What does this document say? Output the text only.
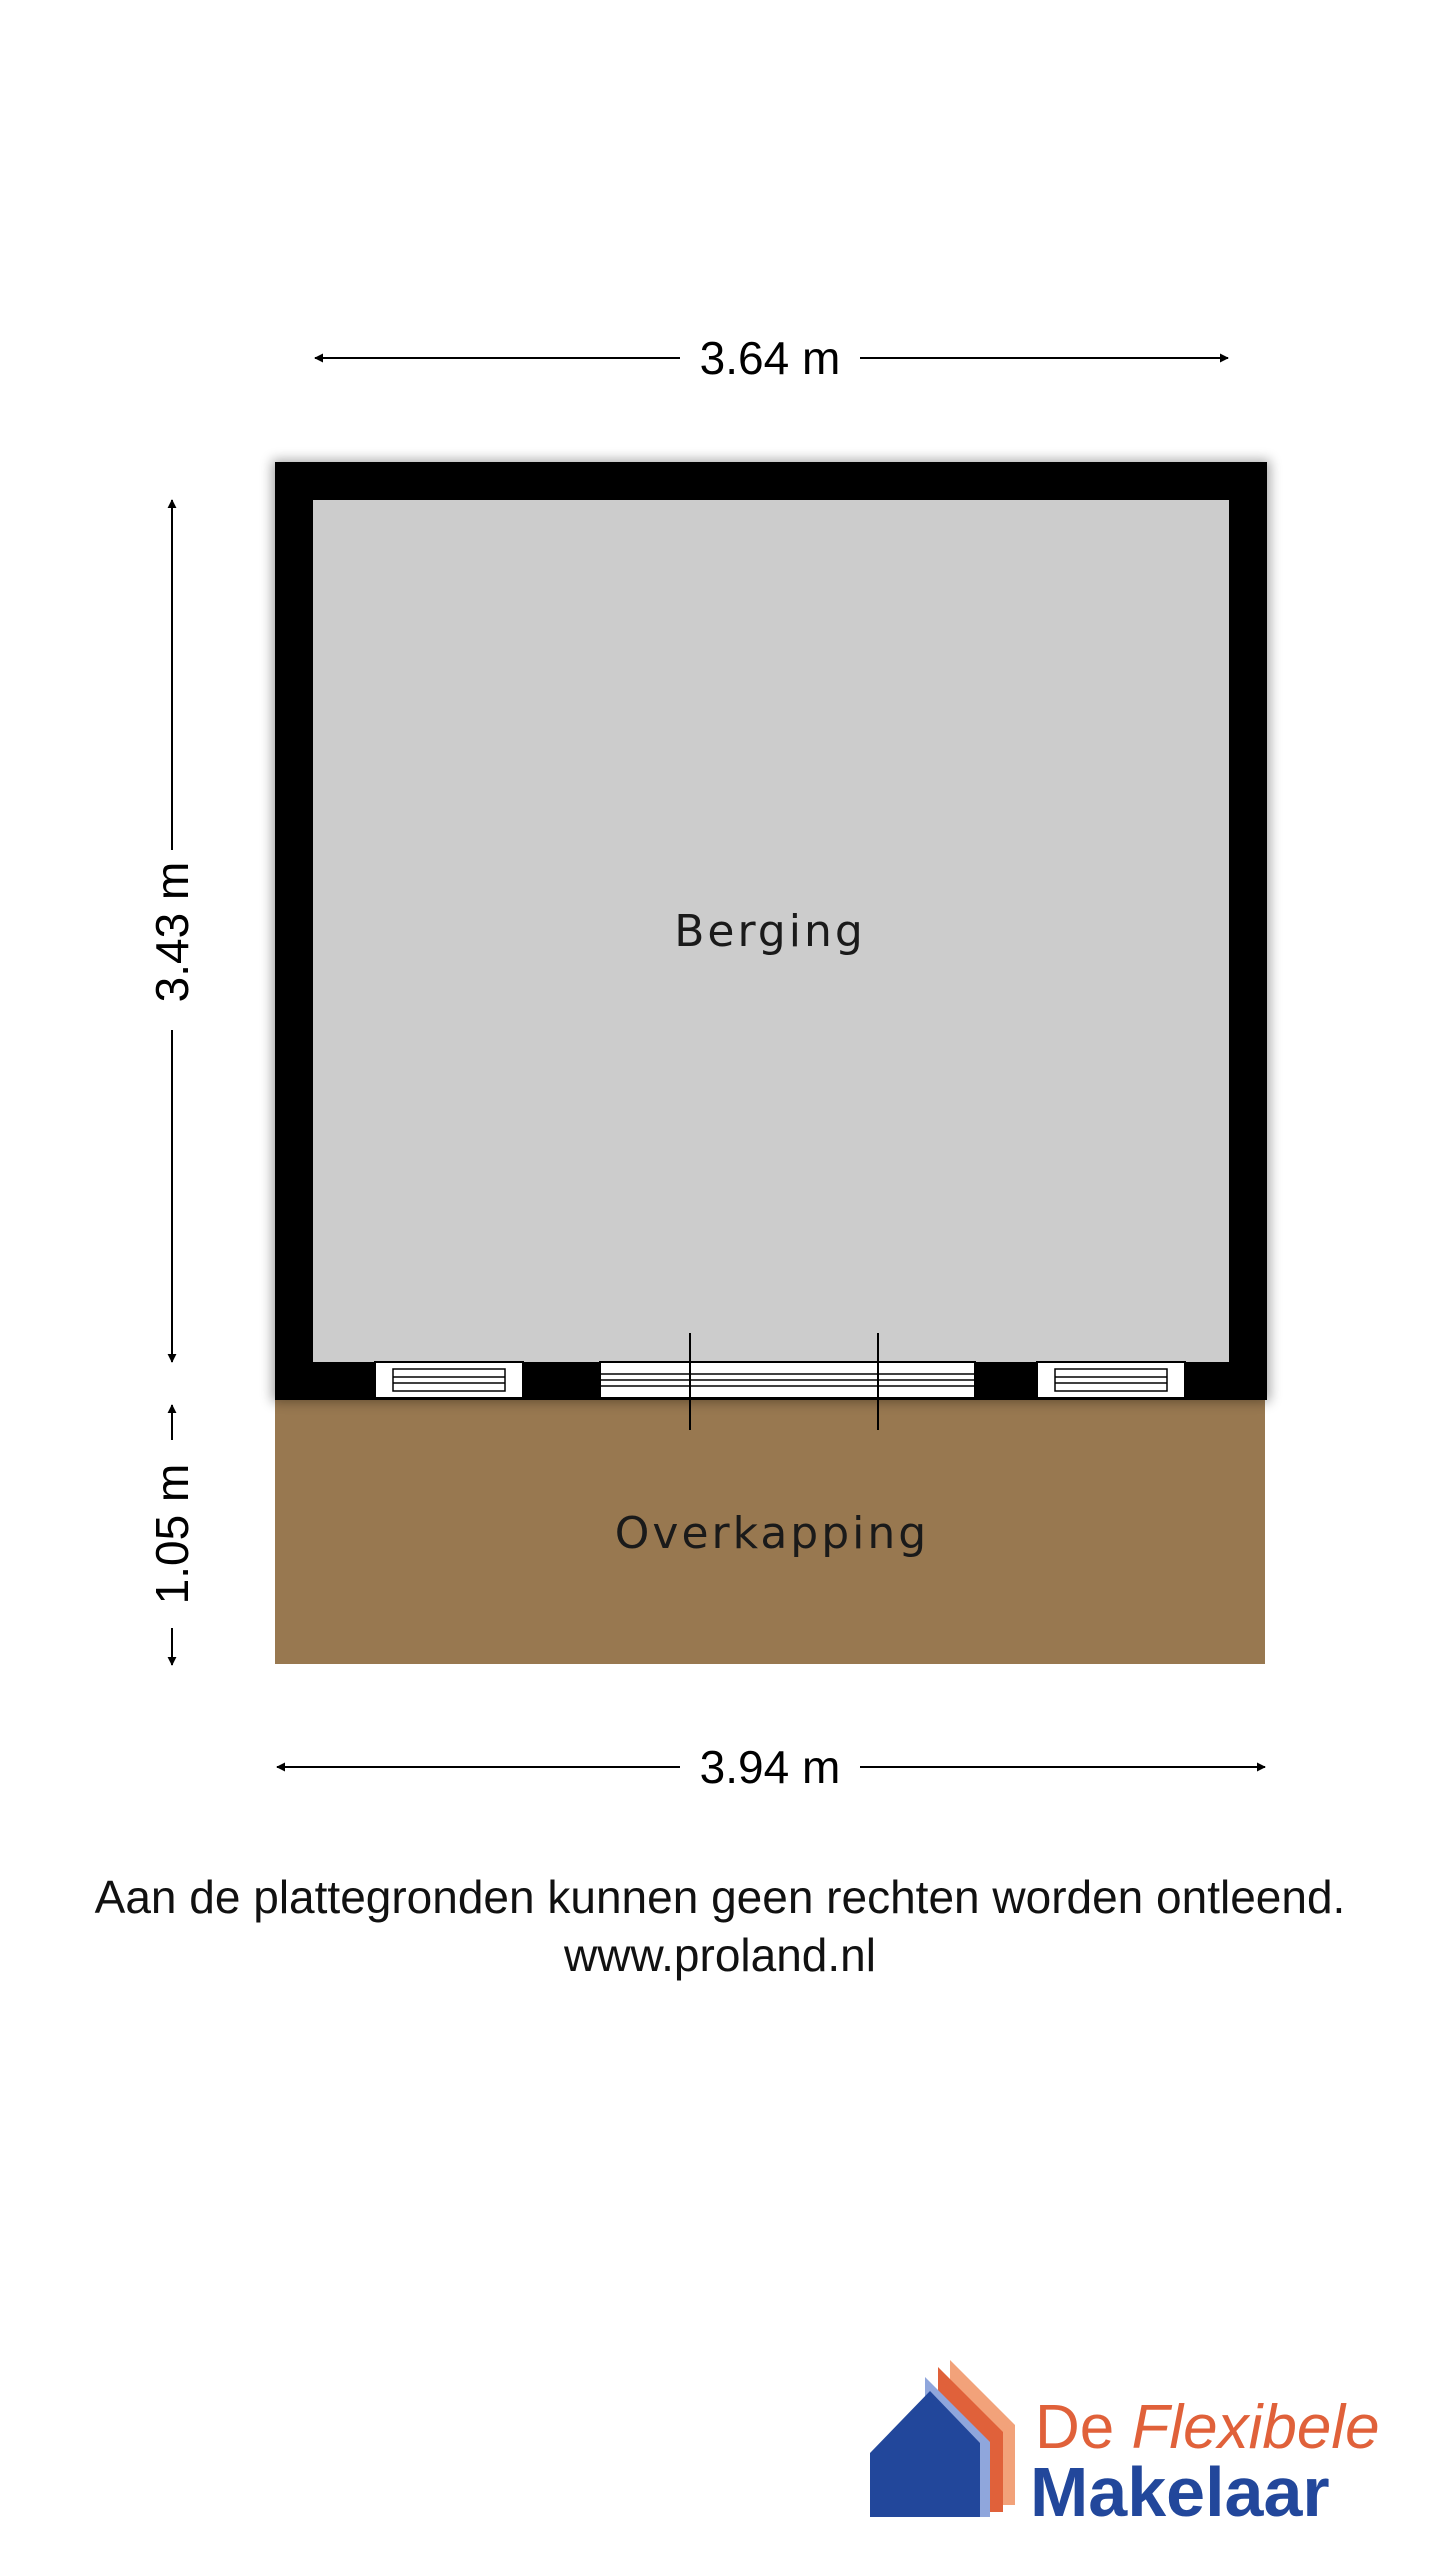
3.64 m
3.43 m
1.05 m
Berging
Overkapping
3.94 m
Aan de plattegronden kunnen geen rechten worden ontleend.
www.proland.nl
De Flexibele
Makelaar
